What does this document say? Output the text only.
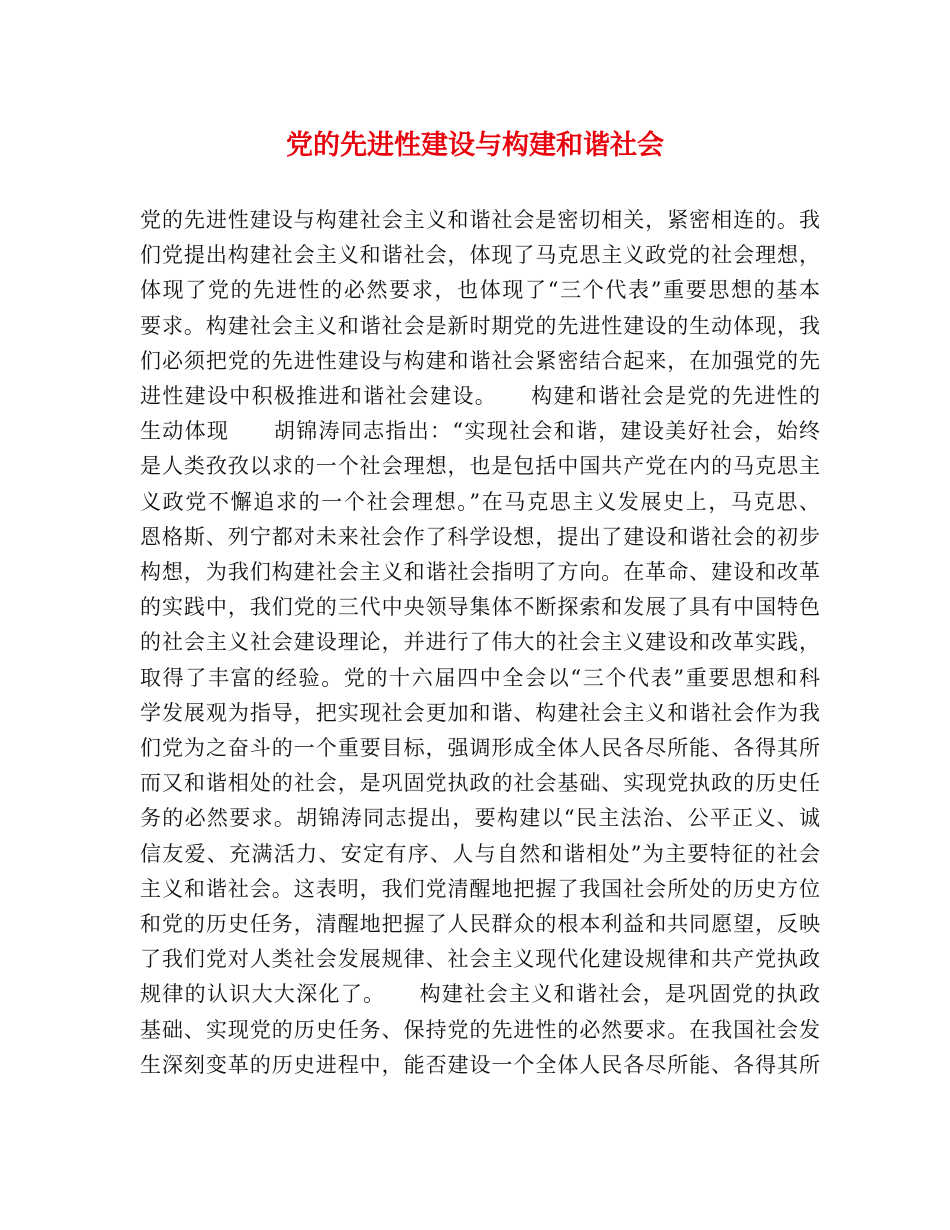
党的先进性建设与构建和谐社会
党的先进性建设与构建社会主义和谐社会是密切相关，紧密相连的。我
们党提出构建社会主义和谐社会，体现了马克思主义政党的社会理想，
体现了党的先进性的必然要求，也体现了“三个代表”重要思想的基本
要求。构建社会主义和谐社会是新时期党的先进性建设的生动体现，我
们必须把党的先进性建设与构建和谐社会紧密结合起来，在加强党的先
进性建设中积极推进和谐社会建设。　　构建和谐社会是党的先进性的
生动体现　　胡锦涛同志指出：“实现社会和谐，建设美好社会，始终
是人类孜孜以求的一个社会理想，也是包括中国共产党在内的马克思主
义政党不懈追求的一个社会理想。”在马克思主义发展史上，马克思、
恩格斯、列宁都对未来社会作了科学设想，提出了建设和谐社会的初步
构想，为我们构建社会主义和谐社会指明了方向。在革命、建设和改革
的实践中，我们党的三代中央领导集体不断探索和发展了具有中国特色
的社会主义社会建设理论，并进行了伟大的社会主义建设和改革实践，
取得了丰富的经验。党的十六届四中全会以“三个代表”重要思想和科
学发展观为指导，把实现社会更加和谐、构建社会主义和谐社会作为我
们党为之奋斗的一个重要目标，强调形成全体人民各尽所能、各得其所
而又和谐相处的社会，是巩固党执政的社会基础、实现党执政的历史任
务的必然要求。胡锦涛同志提出，要构建以“民主法治、公平正义、诚
信友爱、充满活力、安定有序、人与自然和谐相处”为主要特征的社会
主义和谐社会。这表明，我们党清醒地把握了我国社会所处的历史方位
和党的历史任务，清醒地把握了人民群众的根本利益和共同愿望，反映
了我们党对人类社会发展规律、社会主义现代化建设规律和共产党执政
规律的认识大大深化了。　　构建社会主义和谐社会，是巩固党的执政
基础、实现党的历史任务、保持党的先进性的必然要求。在我国社会发
生深刻变革的历史进程中，能否建设一个全体人民各尽所能、各得其所
